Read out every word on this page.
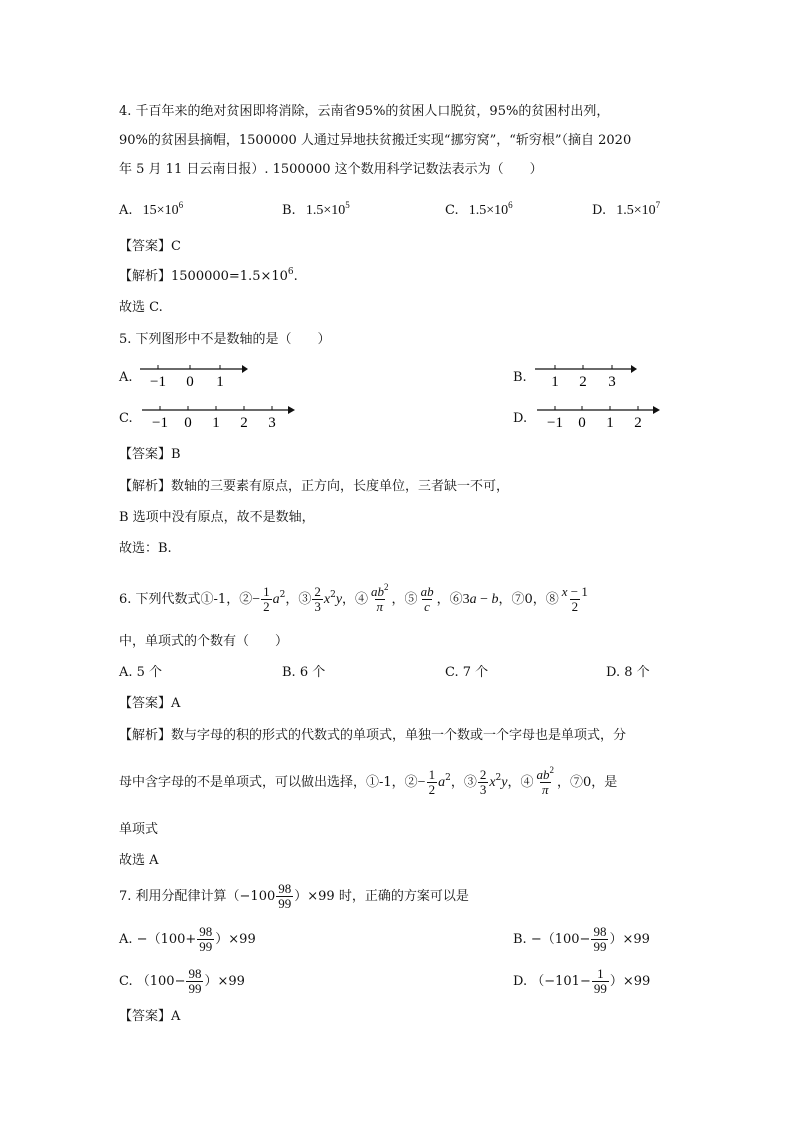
4. 千百年来的绝对贫困即将消除，云南省95%的贫困人口脱贫，95%的贫困村出列，
90%的贫困县摘帽，1500000 人通过异地扶贫搬迁实现“挪穷窝”，“斩穷根”（摘自 2020
年 5 月 11 日云南日报）. 1500000 这个数用科学记数法表示为（　　）
A. $15\times 10^6$	B. $1.5\times 10^5$	C. $1.5\times 10^6$	D. $1.5\times 10^7$
【答案】C
【解析】$1500000=1.5\times 10^6$.
故选 C.
5. 下列图形中不是数轴的是（　　）
A. −1 0 1	B. 1 2 3
C. −1 0 1 2 3	D. −1 0 1 2
【答案】B
【解析】数轴的三要素有原点，正方向，长度单位，三者缺一不可，
B 选项中没有原点，故不是数轴，
故选：B.
6. 下列代数式①-1，②− $\frac{1}{2} a^2$，③ $\frac{2}{3} x^2y$，④ $\frac{ab^2}{\pi}$ ，⑤ $\frac{ab}{c}$ ，⑥3a − b，⑦0，⑧ $\frac{x - 1}{2}$
中，单项式的个数有（　　）
A. 5 个	B. 6 个	C. 7 个	D. 8 个
【答案】A
【解析】数与字母的积的形式的代数式的单项式，单独一个数或一个字母也是单项式，分
母中含字母的不是单项式，可以做出选择，①-1，②− $\frac{1}{2} a^2$，③ $\frac{2}{3} x^2y$，④ $\frac{ab^2}{\pi}$ ，⑦0，是
单项式
故选 A
7. 利用分配律计算$(-100 \frac{98}{99} )\times 99$ 时，正确的方案可以是
A. $-(100+ \frac{98}{99} )\times 99$	B. $-(100- \frac{98}{99} )\times 99$
C. $(100- \frac{98}{99} )\times 99$	D. $(-101- \frac{1}{99} )\times 99$
【答案】A
